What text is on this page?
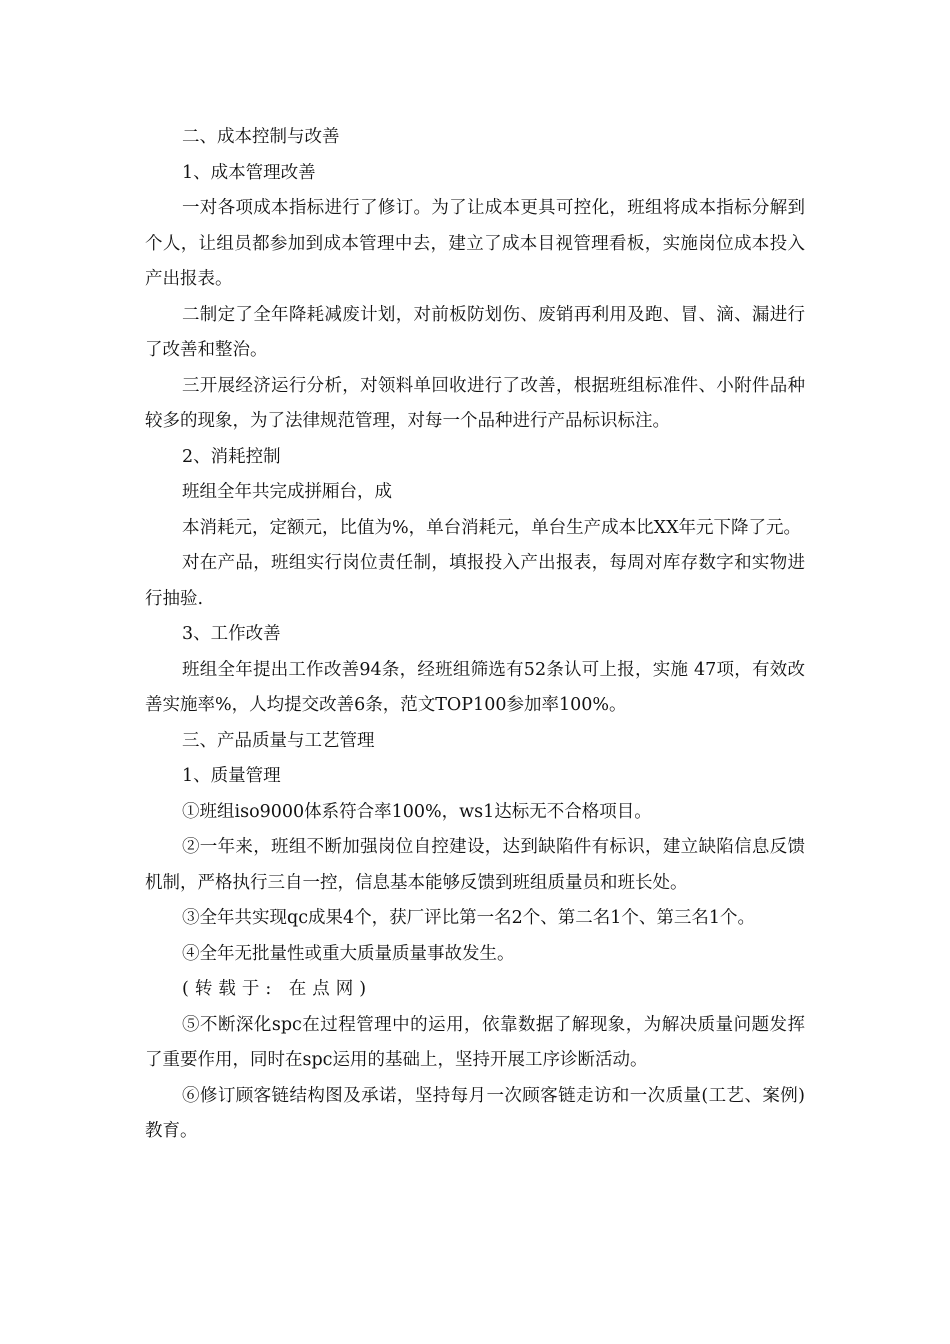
二、成本控制与改善

1、成本管理改善

一对各项成本指标进行了修订。为了让成本更具可控化，班组将成本指标分解到个人，让组员都参加到成本管理中去，建立了成本目视管理看板，实施岗位成本投入产出报表。

二制定了全年降耗减废计划，对前板防划伤、废销再利用及跑、冒、滴、漏进行了改善和整治。

三开展经济运行分析，对领料单回收进行了改善，根据班组标准件、小附件品种较多的现象，为了法律规范管理，对每一个品种进行产品标识标注。

2、消耗控制

班组全年共完成拼厢台，成

本消耗元，定额元，比值为%，单台消耗元，单台生产成本比XX年元下降了元。

对在产品，班组实行岗位责任制，填报投入产出报表，每周对库存数字和实物进行抽验.

3、工作改善

班组全年提出工作改善94条，经班组筛选有52条认可上报，实施 47项，有效改善实施率%，人均提交改善6条，范文TOP100参加率100%。

三、产品质量与工艺管理

1、质量管理

①班组iso9000体系符合率100%，ws1达标无不合格项目。

②一年来，班组不断加强岗位自控建设，达到缺陷件有标识，建立缺陷信息反馈机制，严格执行三自一控，信息基本能够反馈到班组质量员和班长处。

③全年共实现qc成果4个，获厂评比第一名2个、第二名1个、第三名1个。

④全年无批量性或重大质量质量事故发生。

(转载于: 在点网)

⑤不断深化spc在过程管理中的运用，依靠数据了解现象，为解决质量问题发挥了重要作用，同时在spc运用的基础上，坚持开展工序诊断活动。

⑥修订顾客链结构图及承诺，坚持每月一次顾客链走访和一次质量(工艺、案例)教育。
